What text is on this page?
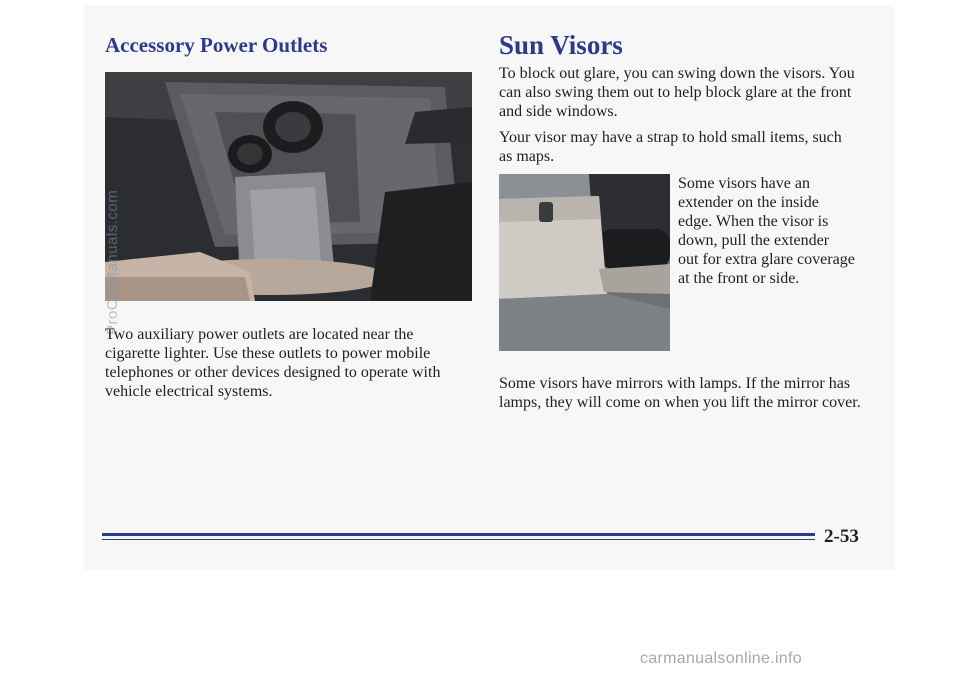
Accessory Power Outlets
ProCarManuals.com

Two auxiliary power outlets are located near the

cigarette lighter. Use these outlets to power mobile

telephones or other devices designed to operate with

vehicle electrical systems.

Sun Visors

To block out glare, you can swing down the visors. You

can also swing them out to help block glare at the front

and side windows.

Your visor may have a strap to hold small items, such

as maps.

Some visors have an

extender on the inside

edge. When the visor is

down, pull the extender

out for extra glare coverage

at the front or side.

Some visors have mirrors with lamps. If the mirror has

lamps, they will come on when you lift the mirror cover.

2-53

carmanualsonline.info
